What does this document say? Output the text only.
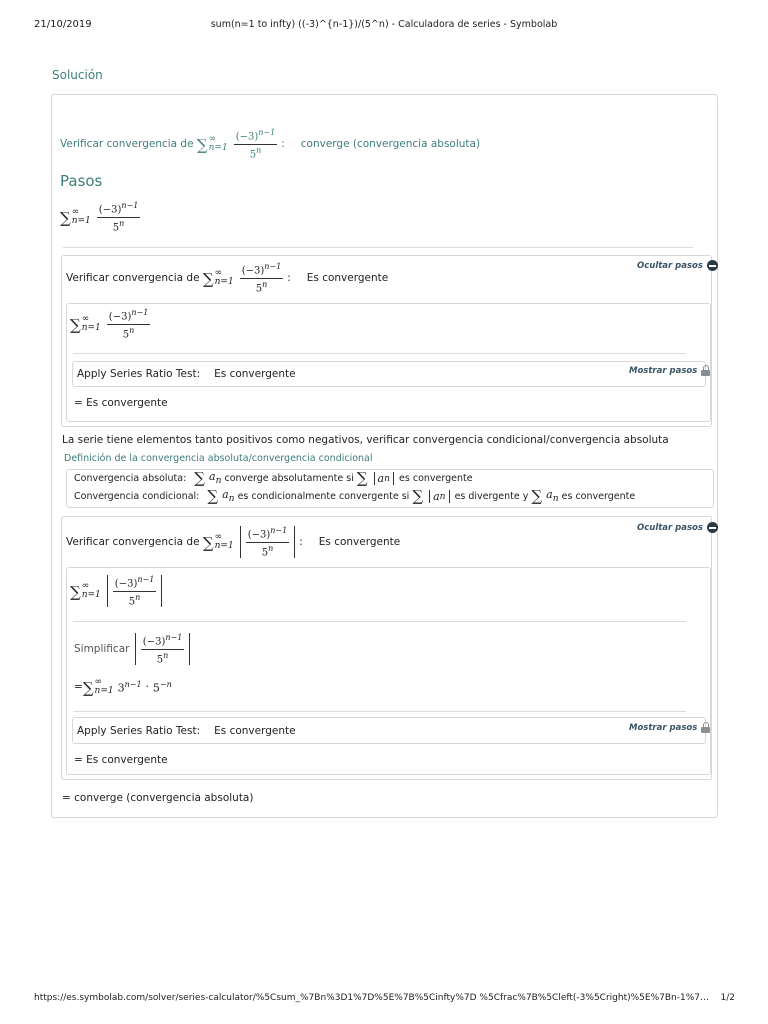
21/10/2019	sum(n=1 to infty) ((-3)^{n-1})/(5^n) - Calculadora de series - Symbolab
https://es.symbolab.com/solver/series-calculator/%5Csum_%7Bn%3D1%7D%5E%7B%5Cinfty%7D %5Cfrac%7B%5Cleft(-3%5Cright)%5E%7Bn-1%7…	1/2
Solución
Verificar convergencia de
∑ ∞
$n=1 \frac{(-3)^{n-1}}{5^n}$ : converge (convergencia absoluta)
Pasos
∑ ∞
$n=1 \frac{(-3)^{n-1}}{5^n}$
Ocultar pasos
Verificar convergencia de
∑ ∞
$n=1 \frac{(-3)^{n-1}}{5^n}$ : Es convergente
∑ ∞
$n=1 \frac{(-3)^{n-1}}{5^n}$
Apply Series Ratio Test: Es convergente	Mostrar pasos
= Es convergente
La serie tiene elementos tanto positivos como negativos, verificar convergencia condicional/convergencia absoluta
Definición de la convergencia absoluta/convergencia condicional
Convergencia absoluta: ∑ $a_n$
converge absolutamente si
∑ a n
es convergente
Convergencia condicional: ∑ $a_n$
es condicionalmente convergente si
∑ a n
es divergente y
∑ $a_n$
es convergente
Ocultar pasos
Verificar convergencia de
∑ ∞
$n=1 \frac{(-3)^{n-1}}{5^n}$ : Es convergente
∑ ∞
$n=1 \frac{(-3)^{n-1}}{5^n}$
Simplificar
$\frac{(-3)^{n-1}}{5^n}$
= ∑ ∞
n=1 $3^{n-1} \cdot 5^{-n}$
Apply Series Ratio Test: Es convergente	Mostrar pasos
= Es convergente
= converge (convergencia absoluta)
